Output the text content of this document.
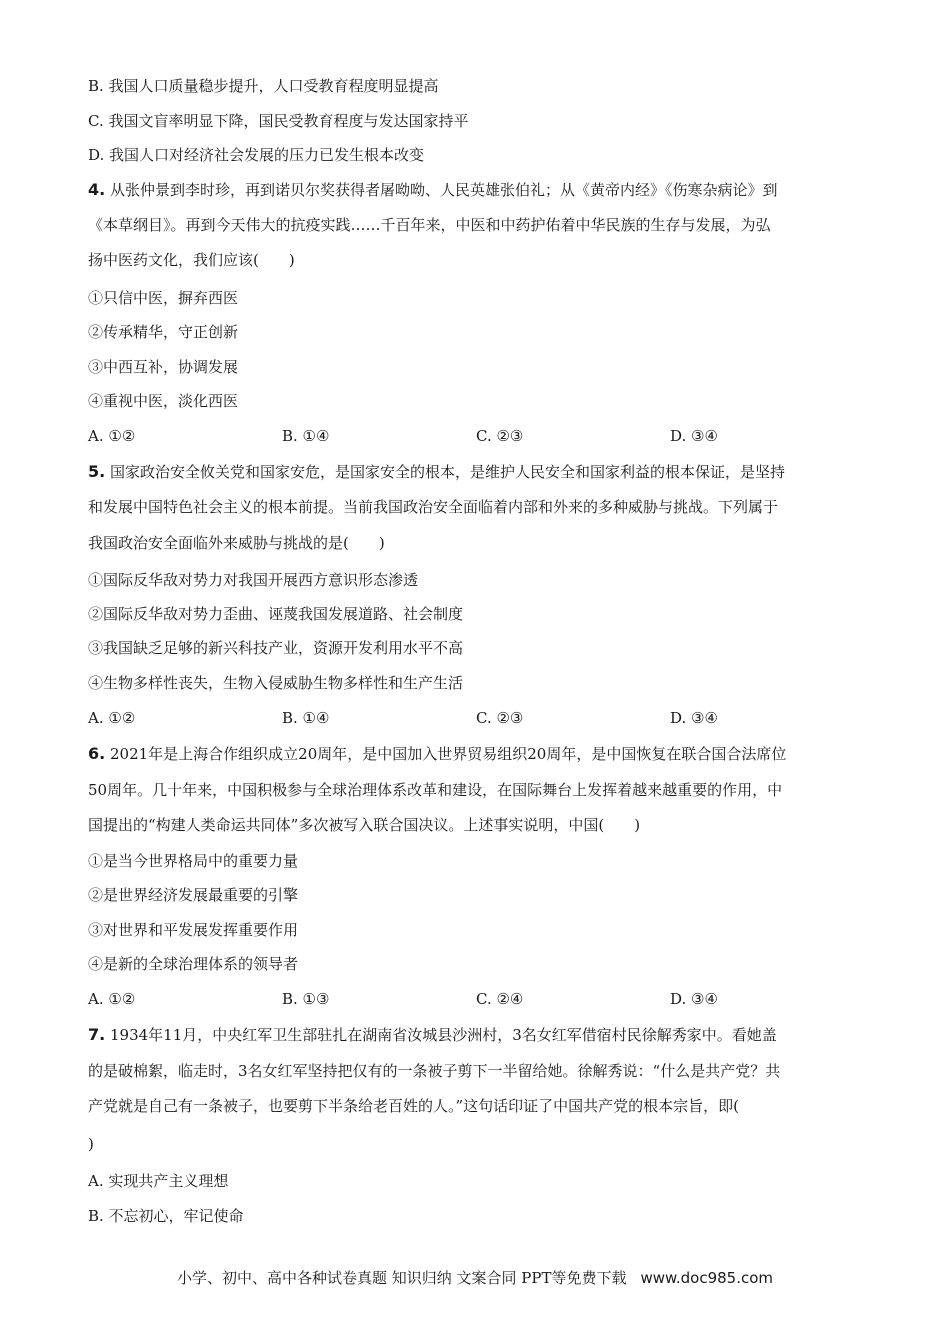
B. 我国人口质量稳步提升，人口受教育程度明显提高
C. 我国文盲率明显下降，国民受教育程度与发达国家持平
D. 我国人口对经济社会发展的压力已发生根本改变
4. 从张仲景到李时珍，再到诺贝尔奖获得者屠呦呦、人民英雄张伯礼；从《黄帝内经》《伤寒杂病论》到
《本草纲目》。再到今天伟大的抗疫实践……千百年来，中医和中药护佑着中华民族的生存与发展，为弘
扬中医药文化，我们应该(　　)
①只信中医，摒弃西医
②传承精华，守正创新
③中西互补，协调发展
④重视中医，淡化西医
A. ①②	B. ①④	C. ②③	D. ③④
5. 国家政治安全攸关党和国家安危，是国家安全的根本，是维护人民安全和国家利益的根本保证，是坚持
和发展中国特色社会主义的根本前提。当前我国政治安全面临着内部和外来的多种威胁与挑战。下列属于
我国政治安全面临外来威胁与挑战的是(　　)
①国际反华敌对势力对我国开展西方意识形态渗透
②国际反华敌对势力歪曲、诬蔑我国发展道路、社会制度
③我国缺乏足够的新兴科技产业，资源开发利用水平不高
④生物多样性丧失，生物入侵威胁生物多样性和生产生活
A. ①②	B. ①④	C. ②③	D. ③④
6. 2021年是上海合作组织成立20周年，是中国加入世界贸易组织20周年，是中国恢复在联合国合法席位
50周年。几十年来，中国积极参与全球治理体系改革和建设，在国际舞台上发挥着越来越重要的作用，中
国提出的“构建人类命运共同体”多次被写入联合国决议。上述事实说明，中国(　　)
①是当今世界格局中的重要力量
②是世界经济发展最重要的引擎
③对世界和平发展发挥重要作用
④是新的全球治理体系的领导者
A. ①②	B. ①③	C. ②④	D. ③④
7. 1934年11月，中央红军卫生部驻扎在湖南省汝城县沙洲村，3名女红军借宿村民徐解秀家中。看她盖
的是破棉絮，临走时，3名女红军坚持把仅有的一条被子剪下一半留给她。徐解秀说：“什么是共产党？共
产党就是自己有一条被子，也要剪下半条给老百姓的人。”这句话印证了中国共产党的根本宗旨，即(
)
A. 实现共产主义理想
B. 不忘初心，牢记使命
小学、初中、高中各种试卷真题 知识归纳 文案合同 PPT等免费下载 www.doc985.com
